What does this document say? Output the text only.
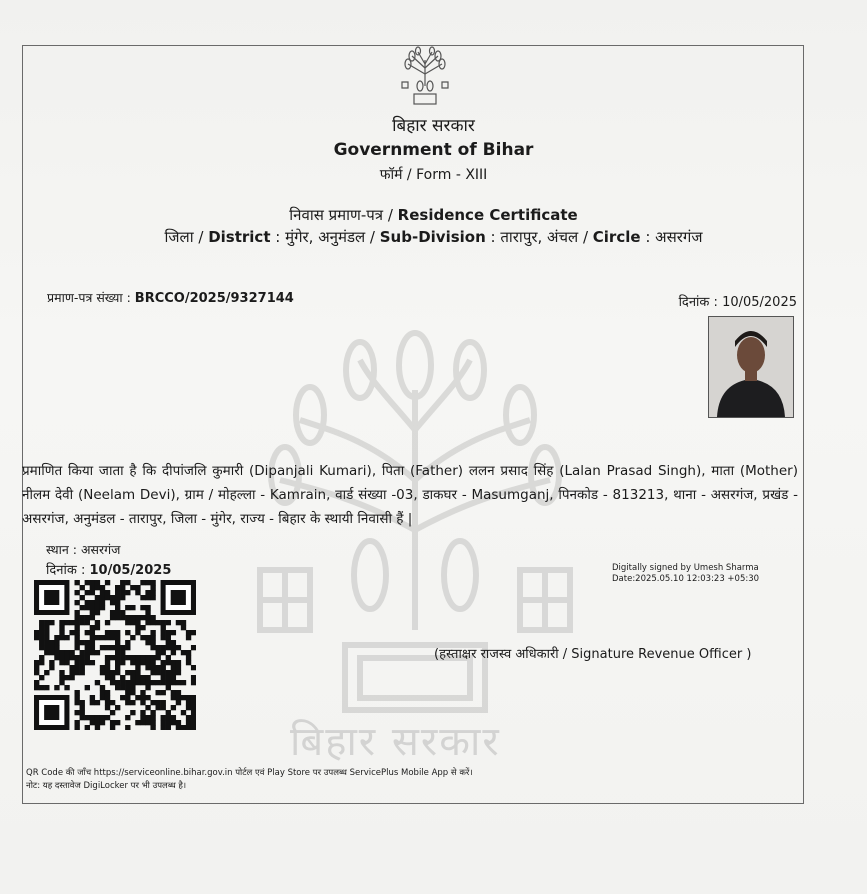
बिहार सरकार
Government of Bihar
फॉर्म / Form - XIII
निवास प्रमाण-पत्र / Residence Certificate
जिला / District : मुंगेर, अनुमंडल / Sub-Division : तारापुर, अंचल / Circle : असरगंज
प्रमाण-पत्र संख्या : BRCCO/2025/9327144	दिनांक : 10/05/2025
प्रमाणित किया जाता है कि दीपांजलि कुमारी (Dipanjali Kumari), पिता (Father) ललन प्रसाद सिंह (Lalan Prasad Singh), माता (Mother) नीलम देवी (Neelam Devi), ग्राम / मोहल्ला - Kamrain, वार्ड संख्या -03, डाकघर - Masumganj, पिनकोड - 813213, थाना - असरगंज, प्रखंड - असरगंज, अनुमंडल - तारापुर, जिला - मुंगेर, राज्य - बिहार के स्थायी निवासी हैं |
स्थान : असरगंज
दिनांक : 10/05/2025	Digitally signed by Umesh Sharma
Date:2025.05.10 12:03:23 +05:30
(हस्ताक्षर राजस्व अधिकारी / Signature Revenue Officer )
बिहार सरकार
QR Code की जाँच https://serviceonline.bihar.gov.in पोर्टल एवं Play Store पर उपलब्ध ServicePlus Mobile App से करें।
नोट: यह दस्तावेज DigiLocker पर भी उपलब्ध है।
